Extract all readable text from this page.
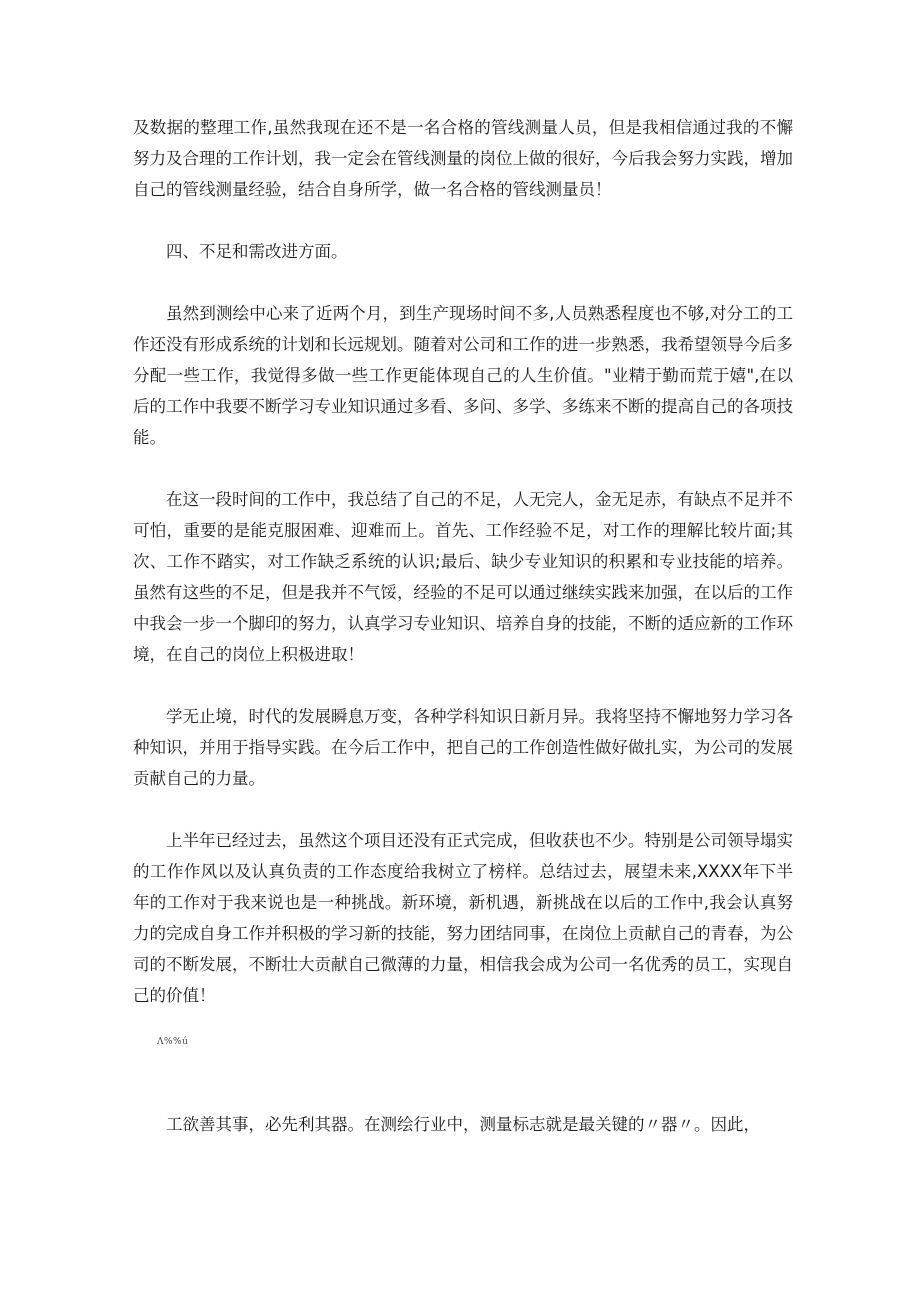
及数据的整理工作,虽然我现在还不是一名合格的管线测量人员，但是我相信通过我的不懈努力及合理的工作计划，我一定会在管线测量的岗位上做的很好，今后我会努力实践，增加自己的管线测量经验，结合自身所学，做一名合格的管线测量员！

四、不足和需改进方面。

虽然到测绘中心来了近两个月，到生产现场时间不多,人员熟悉程度也不够,对分工的工作还没有形成系统的计划和长远规划。随着对公司和工作的进一步熟悉，我希望领导今后多分配一些工作，我觉得多做一些工作更能体现自己的人生价值。"业精于勤而荒于嬉",在以后的工作中我要不断学习专业知识通过多看、多问、多学、多练来不断的提高自己的各项技能。

在这一段时间的工作中，我总结了自己的不足，人无完人，金无足赤，有缺点不足并不可怕，重要的是能克服困难、迎难而上。首先、工作经验不足，对工作的理解比较片面;其次、工作不踏实，对工作缺乏系统的认识;最后、缺少专业知识的积累和专业技能的培养。虽然有这些的不足，但是我并不气馁，经验的不足可以通过继续实践来加强，在以后的工作中我会一步一个脚印的努力，认真学习专业知识、培养自身的技能，不断的适应新的工作环境，在自己的岗位上积极进取！

学无止境，时代的发展瞬息万变，各种学科知识日新月异。我将坚持不懈地努力学习各种知识，并用于指导实践。在今后工作中，把自己的工作创造性做好做扎实，为公司的发展贡献自己的力量。

上半年已经过去，虽然这个项目还没有正式完成，但收获也不少。特别是公司领导塌实的工作作风以及认真负责的工作态度给我树立了榜样。总结过去，展望未来,XXXX年下半年的工作对于我来说也是一种挑战。新环境，新机遇，新挑战在以后的工作中,我会认真努力的完成自身工作并积极的学习新的技能，努力团结同事，在岗位上贡献自己的青春，为公司的不断发展，不断壮大贡献自己微薄的力量，相信我会成为公司一名优秀的员工，实现自己的价值！

Λ%%ú

工欲善其事，必先利其器。在测绘行业中，测量标志就是最关键的〃器〃。因此，
